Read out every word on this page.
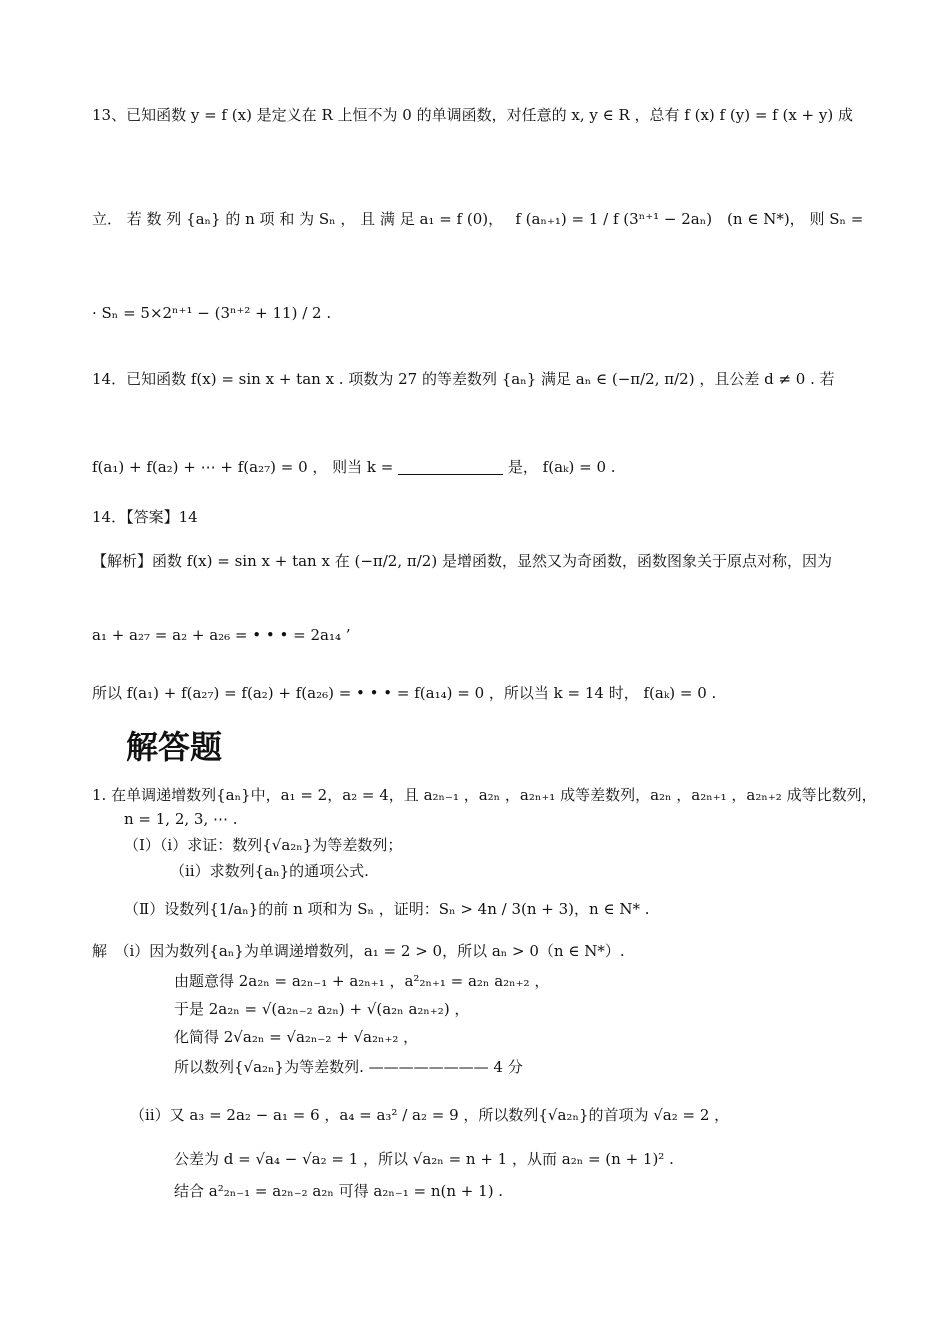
13、已知函数 y = f (x) 是定义在 R 上恒不为 0 的单调函数，对任意的 x, y ∈ R ，总有 f (x) f (y) = f (x + y) 成
立． 若 数 列 {aₙ} 的 n 项 和 为 Sₙ ， 且 满 足 a₁ = f (0)，　 f (aₙ₊₁) = 1 / f (3ⁿ⁺¹ − 2aₙ)　(n ∈ N*)， 则 Sₙ =
· Sₙ = 5×2ⁿ⁺¹ − (3ⁿ⁺² + 11) / 2 .
14．已知函数 f(x) = sin x + tan x . 项数为 27 的等差数列 {aₙ} 满足 aₙ ∈ (−π/2, π/2) ，且公差 d ≠ 0 . 若
f(a₁) + f(a₂) + ⋯ + f(a₂₇) = 0 ， 则当 k =	是， f(aₖ) = 0 .
14．【答案】14
【解析】函数 f(x) = sin x + tan x 在 (−π/2, π/2) 是增函数，显然又为奇函数，函数图象关于原点对称，因为
a₁ + a₂₇ = a₂ + a₂₆ = • • • = 2a₁₄ ’
所以 f(a₁) + f(a₂₇) = f(a₂) + f(a₂₆) = • • • = f(a₁₄) = 0 ，所以当 k = 14 时， f(aₖ) = 0 .
解答题
1. 在单调递增数列{aₙ}中，a₁ = 2，a₂ = 4，且 a₂ₙ₋₁ ，a₂ₙ ，a₂ₙ₊₁ 成等差数列，a₂ₙ ，a₂ₙ₊₁ ，a₂ₙ₊₂ 成等比数列，
n = 1, 2, 3, ⋯ .
（Ⅰ）（ⅰ）求证：数列{√a₂ₙ}为等差数列；
（ⅱ）求数列{aₙ}的通项公式.
（Ⅱ）设数列{1/aₙ}的前 n 项和为 Sₙ ，证明：Sₙ > 4n / 3(n + 3)，n ∈ N* .
解　（ⅰ）因为数列{aₙ}为单调递增数列，a₁ = 2 > 0，所以 aₙ > 0（n ∈ N*）.
由题意得 2a₂ₙ = a₂ₙ₋₁ + a₂ₙ₊₁ ，a²₂ₙ₊₁ = a₂ₙ a₂ₙ₊₂ ，
于是 2a₂ₙ = √(a₂ₙ₋₂ a₂ₙ) + √(a₂ₙ a₂ₙ₊₂) ，
化简得 2√a₂ₙ = √a₂ₙ₋₂ + √a₂ₙ₊₂ ，
所以数列{√a₂ₙ}为等差数列. ———————— 4 分
（ⅱ）又 a₃ = 2a₂ − a₁ = 6 ，a₄ = a₃² / a₂ = 9 ，所以数列{√a₂ₙ}的首项为 √a₂ = 2 ，
公差为 d = √a₄ − √a₂ = 1 ，所以 √a₂ₙ = n + 1 ，从而 a₂ₙ = (n + 1)² .
结合 a²₂ₙ₋₁ = a₂ₙ₋₂ a₂ₙ 可得 a₂ₙ₋₁ = n(n + 1) .
